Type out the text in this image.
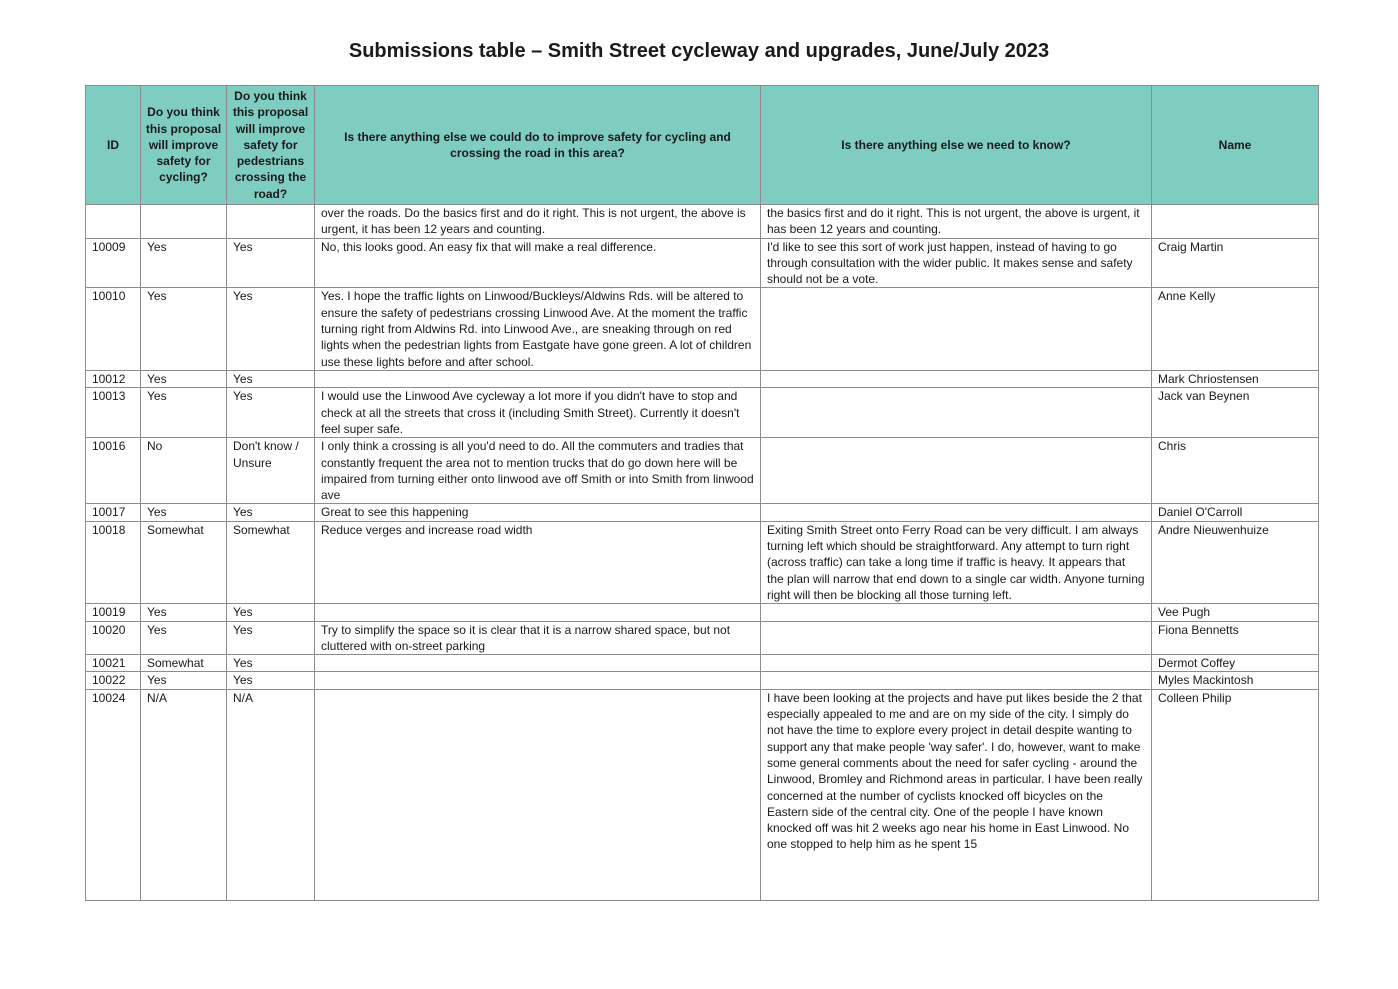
Submissions table – Smith Street cycleway and upgrades, June/July 2023
ID	Do you think this proposal will improve safety for cycling?	Do you think this proposal will improve safety for pedestrians crossing the road?	Is there anything else we could do to improve safety for cycling and crossing the road in this area?	Is there anything else we need to know?	Name
			over the roads. Do the basics first and do it right. This is not urgent, the above is urgent, it has been 12 years and counting.	the basics first and do it right. This is not urgent, the above is urgent, it has been 12 years and counting.	
10009	Yes	Yes	No, this looks good. An easy fix that will make a real difference.	I'd like to see this sort of work just happen, instead of having to go through consultation with the wider public. It makes sense and safety should not be a vote.	Craig Martin
10010	Yes	Yes	Yes. I hope the traffic lights on Linwood/Buckleys/Aldwins Rds. will be altered to ensure the safety of pedestrians crossing Linwood Ave. At the moment the traffic turning right from Aldwins Rd. into Linwood Ave., are sneaking through on red lights when the pedestrian lights from Eastgate have gone green. A lot of children use these lights before and after school.		Anne Kelly
10012	Yes	Yes			Mark Chriostensen
10013	Yes	Yes	I would use the Linwood Ave cycleway a lot more if you didn't have to stop and check at all the streets that cross it (including Smith Street). Currently it doesn't feel super safe.		Jack van Beynen
10016	No	Don't know / Unsure	I only think a crossing is all you'd need to do. All the commuters and tradies that constantly frequent the area not to mention trucks that do go down here will be impaired from turning either onto linwood ave off Smith or into Smith from linwood ave		Chris
10017	Yes	Yes	Great to see this happening		Daniel O'Carroll
10018	Somewhat	Somewhat	Reduce verges and increase road width	Exiting Smith Street onto Ferry Road can be very difficult. I am always turning left which should be straightforward. Any attempt to turn right (across traffic) can take a long time if traffic is heavy. It appears that the plan will narrow that end down to a single car width. Anyone turning right will then be blocking all those turning left.	Andre Nieuwenhuize
10019	Yes	Yes			Vee Pugh
10020	Yes	Yes	Try to simplify the space so it is clear that it is a narrow shared space, but not cluttered with on-street parking		Fiona Bennetts
10021	Somewhat	Yes			Dermot Coffey
10022	Yes	Yes			Myles Mackintosh
10024	N/A	N/A		I have been looking at the projects and have put likes beside the 2 that especially appealed to me and are on my side of the city. I simply do not have the time to explore every project in detail despite wanting to support any that make people 'way safer'. I do, however, want to make some general comments about the need for safer cycling - around the Linwood, Bromley and Richmond areas in particular. I have been really concerned at the number of cyclists knocked off bicycles on the Eastern side of the central city. One of the people I have known knocked off was hit 2 weeks ago near his home in East Linwood. No one stopped to help him as he spent 15	Colleen Philip
